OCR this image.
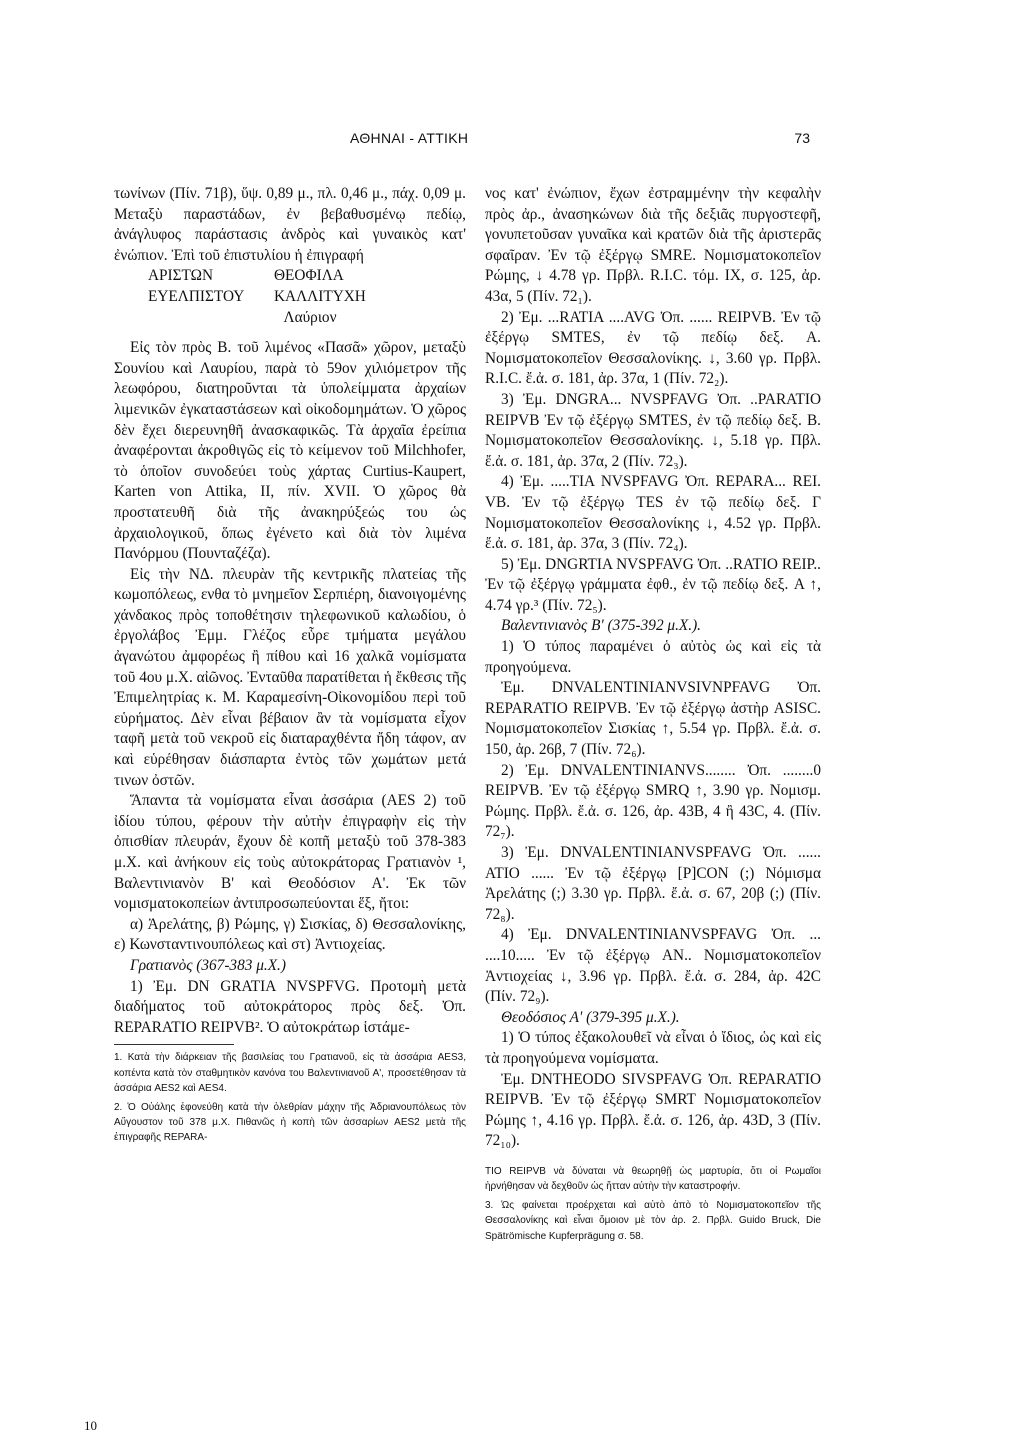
ΑΘΗΝΑΙ - ΑΤΤΙΚΗ	73

τωνίνων (Πίν. 71β), ὕψ. 0,89 μ., πλ. 0,46 μ., πάχ. 0,09 μ. Μεταξὺ παραστάδων, ἐν βεβαθυσμένῳ πεδίῳ, ἀνάγλυφος παράστασις ἀνδρὸς καὶ γυναικὸς κατ' ἐνώπιον. Ἐπὶ τοῦ ἐπιστυλίου ἡ ἐπιγραφή

ΑΡΙΣΤΩΝ	ΘΕΟΦΙΛΑ
ΕΥΕΛΠΙΣΤΟΥ ΚΑΛΛΙΤΥΧΗ
Λαύριον

Εἰς τὸν πρὸς Β. τοῦ λιμένος «Πασᾶ» χῶρον, μεταξὺ Σουνίου καὶ Λαυρίου, παρὰ τὸ 59ον χιλιόμετρον τῆς λεωφόρου, διατηροῦνται τὰ ὑπολείμματα ἀρχαίων λιμενικῶν ἐγκαταστάσεων καὶ οἰκοδομημάτων. Ὁ χῶρος δὲν ἔχει διερευνηθῆ ἀνασκαφικῶς. Τὰ ἀρχαῖα ἐρείπια ἀναφέρονται ἀκροθιγῶς εἰς τὸ κείμενον τοῦ Milchhofer, τὸ ὁποῖον συνοδεύει τοὺς χάρτας Curtius-Kaupert, Karten von Attika, II, πίν. XVII. Ὁ χῶρος θὰ προστατευθῆ διὰ τῆς ἀνακηρύξεώς του ὡς ἀρχαιολογικοῦ, ὅπως ἐγένετο καὶ διὰ τὸν λιμένα Πανόρμου (Πουνταζέζα).

Εἰς τὴν ΝΔ. πλευρὰν τῆς κεντρικῆς πλατείας τῆς κωμοπόλεως, ενθα τὸ μνημεῖον Σερπιέρη, διανοιγομένης χάνδακος πρὸς τοποθέτησιν τηλεφωνικοῦ καλωδίου, ὁ ἐργολάβος Ἐμμ. Γλέζος εὗρε τμήματα μεγάλου ἀγανώτου ἀμφορέως ἢ πίθου καὶ 16 χαλκᾶ νομίσματα τοῦ 4ου μ.Χ. αἰῶνος. Ἐνταῦθα παρατίθεται ἡ ἔκθεσις τῆς Ἐπιμελητρίας κ. Μ. Καραμεσίνη-Οἰκονομίδου περὶ τοῦ εὑρήματος. Δὲν εἶναι βέβαιον ἂν τὰ νομίσματα εἶχον ταφῆ μετὰ τοῦ νεκροῦ εἰς διαταραχθέντα ἤδη τάφον, αν καὶ εὑρέθησαν διάσπαρτα ἐντὸς τῶν χωμάτων μετά τινων ὀστῶν.

Ἅπαντα τὰ νομίσματα εἶναι ἀσσάρια (AES 2) τοῦ ἰδίου τύπου, φέρουν τὴν αὐτὴν ἐπιγραφὴν εἰς τὴν ὀπισθίαν πλευράν, ἔχουν δὲ κοπῆ μεταξὺ τοῦ 378-383 μ.Χ. καὶ ἀνήκουν εἰς τοὺς αὐτοκράτορας Γρατιανὸν ¹, Βαλεντινιανὸν Β' καὶ Θεοδόσιον Α'. Ἐκ τῶν νομισματοκοπείων ἀντιπροσωπεύονται ἕξ, ἤτοι:

α) Ἀρελάτης, β) Ρώμης, γ) Σισκίας, δ) Θεσσαλονίκης, ε) Κωνσταντινουπόλεως καὶ στ) Ἀντιοχείας.

Γρατιανὸς (367-383 μ.Χ.)

1) Ἐμ. DN GRATIA NVSPFVG. Προτομὴ μετὰ διαδήματος τοῦ αὐτοκράτορος πρὸς δεξ. Ὀπ. REPARATIO REIPVB². Ὁ αὐτοκράτωρ ἱστάμε-

1. Κατὰ τὴν διάρκειαν τῆς βασιλείας του Γρατιανοῦ, εἰς τὰ ἀσσάρια AES3, κοπέντα κατὰ τὸν σταθμητικὸν κανόνα του Βαλεντινιανοῦ Α', προσετέθησαν τὰ ἀσσάρια AES2 καὶ AES4.

2. Ὁ Οὐάλης ἐφονεύθη κατὰ τὴν ὀλεθρίαν μάχην τῆς Ἀδριανουπόλεως τὸν Αὔγουστον τοῦ 378 μ.Χ. Πιθανῶς ἡ κοπὴ τῶν ἀσσαρίων AES2 μετὰ τῆς ἐπιγραφῆς REPARA-

νος κατ' ἐνώπιον, ἔχων ἐστραμμένην τὴν κεφαλὴν πρὸς ἀρ., ἀνασηκώνων διὰ τῆς δεξιᾶς πυργοστεφῆ, γονυπετοῦσαν γυναῖκα καὶ κρατῶν διὰ τῆς ἀριστερᾶς σφαῖραν. Ἐν τῷ ἐξέργῳ SMRE. Νομισματοκοπεῖον Ρώμης, ↓ 4.78 γρ. Πρβλ. R.I.C. τόμ. IX, σ. 125, ἀρ. 43α, 5 (Πίν. 72₁).

2) Ἐμ. ...RATIA ....AVG Ὀπ. ...... REIPVB. Ἐν τῷ ἐξέργῳ SMTES, ἐν τῷ πεδίῳ δεξ. A. Νομισματοκοπεῖον Θεσσαλονίκης. ↓, 3.60 γρ. Πρβλ. R.I.C. ἔ.ἀ. σ. 181, ἀρ. 37α, 1 (Πίν. 72₂).

3) Ἐμ. DNGRA... NVSPFAVG Ὀπ. ..PARATIO REIPVB Ἐν τῷ ἐξέργῳ SMTES, ἐν τῷ πεδίῳ δεξ. B. Νομισματοκοπεῖον Θεσσαλονίκης. ↓, 5.18 γρ. Πβλ. ἔ.ἀ. σ. 181, ἀρ. 37α, 2 (Πίν. 72₃).

4) Ἐμ. .....TIA NVSPFAVG Ὀπ. REPARA... REI. VB. Ἐν τῷ ἐξέργῳ TES ἐν τῷ πεδίῳ δεξ. Γ Νομισματοκοπεῖον Θεσσαλονίκης ↓, 4.52 γρ. Πρβλ. ἔ.ἀ. σ. 181, ἀρ. 37α, 3 (Πίν. 72₄).

5) Ἐμ. DNGRTIA NVSPFAVG Ὀπ. ..RATIO REIP.. Ἐν τῷ ἐξέργῳ γράμματα ἐφθ., ἐν τῷ πεδίῳ δεξ. A ↑, 4.74 γρ.³ (Πίν. 72₅).

Βαλεντινιανὸς Β' (375-392 μ.Χ.).

1) Ὁ τύπος παραμένει ὁ αὐτὸς ὡς καὶ εἰς τὰ προηγούμενα.

Ἐμ. DNVALENTINIANVSIVNPFAVG Ὀπ. REPARATIO REIPVB. Ἐν τῷ ἐξέργῳ ἀστὴρ ASISC. Νομισματοκοπεῖον Σισκίας ↑, 5.54 γρ. Πρβλ. ἔ.ἀ. σ. 150, ἀρ. 26β, 7 (Πίν. 72₆).

2) Ἐμ. DNVALENTINIANVS........ Ὀπ. ........0 REIPVB. Ἐν τῷ ἐξέργῳ SMRQ ↑, 3.90 γρ. Νομισμ. Ρώμης. Πρβλ. ἔ.ἀ. σ. 126, ἀρ. 43B, 4 ἢ 43C, 4. (Πίν. 72₇).

3) Ἐμ. DNVALENTINIANVSPFAVG Ὀπ. ...... ATIO ...... Ἐν τῷ ἐξέργῳ [P]CON (;) Νόμισμα Ἀρελάτης (;) 3.30 γρ. Πρβλ. ἔ.ἀ. σ. 67, 20β (;) (Πίν. 72₈).

4) Ἐμ. DNVALENTINIANVSPFAVG Ὀπ. ... ....10..... Ἐν τῷ ἐξέργῳ AN.. Νομισματοκοπεῖον Ἀντιοχείας ↓, 3.96 γρ. Πρβλ. ἔ.ἀ. σ. 284, ἀρ. 42C (Πίν. 72₉).

Θεοδόσιος Α' (379-395 μ.Χ.).

1) Ὁ τύπος ἐξακολουθεῖ νὰ εἶναι ὁ ἴδιος, ὡς καὶ εἰς τὰ προηγούμενα νομίσματα.

Ἐμ. DNTHEODO SIVSPFAVG Ὀπ. REPARATIO REIPVB. Ἐν τῷ ἐξέργῳ SMRT Νομισματοκοπεῖον Ρώμης ↑, 4.16 γρ. Πρβλ. ἔ.ἀ. σ. 126, ἀρ. 43D, 3 (Πίν. 72₁₀).

TIO REIPVB νὰ δύναται νὰ θεωρηθῇ ὡς μαρτυρία, ὅτι οἱ Ρωμαῖοι ἠρνήθησαν νὰ δεχθοῦν ὡς ἥτταν αὐτὴν τὴν καταστροφήν.

3. Ὡς φαίνεται προέρχεται καὶ αὐτὸ ἀπὸ τὸ Νομισματοκοπεῖον τῆς Θεσσαλονίκης καὶ εἶναι ὅμοιον μὲ τὸν ἀρ. 2. Πρβλ. Guido Bruck, Die Spätrömische Kupferprägung σ. 58.

10
